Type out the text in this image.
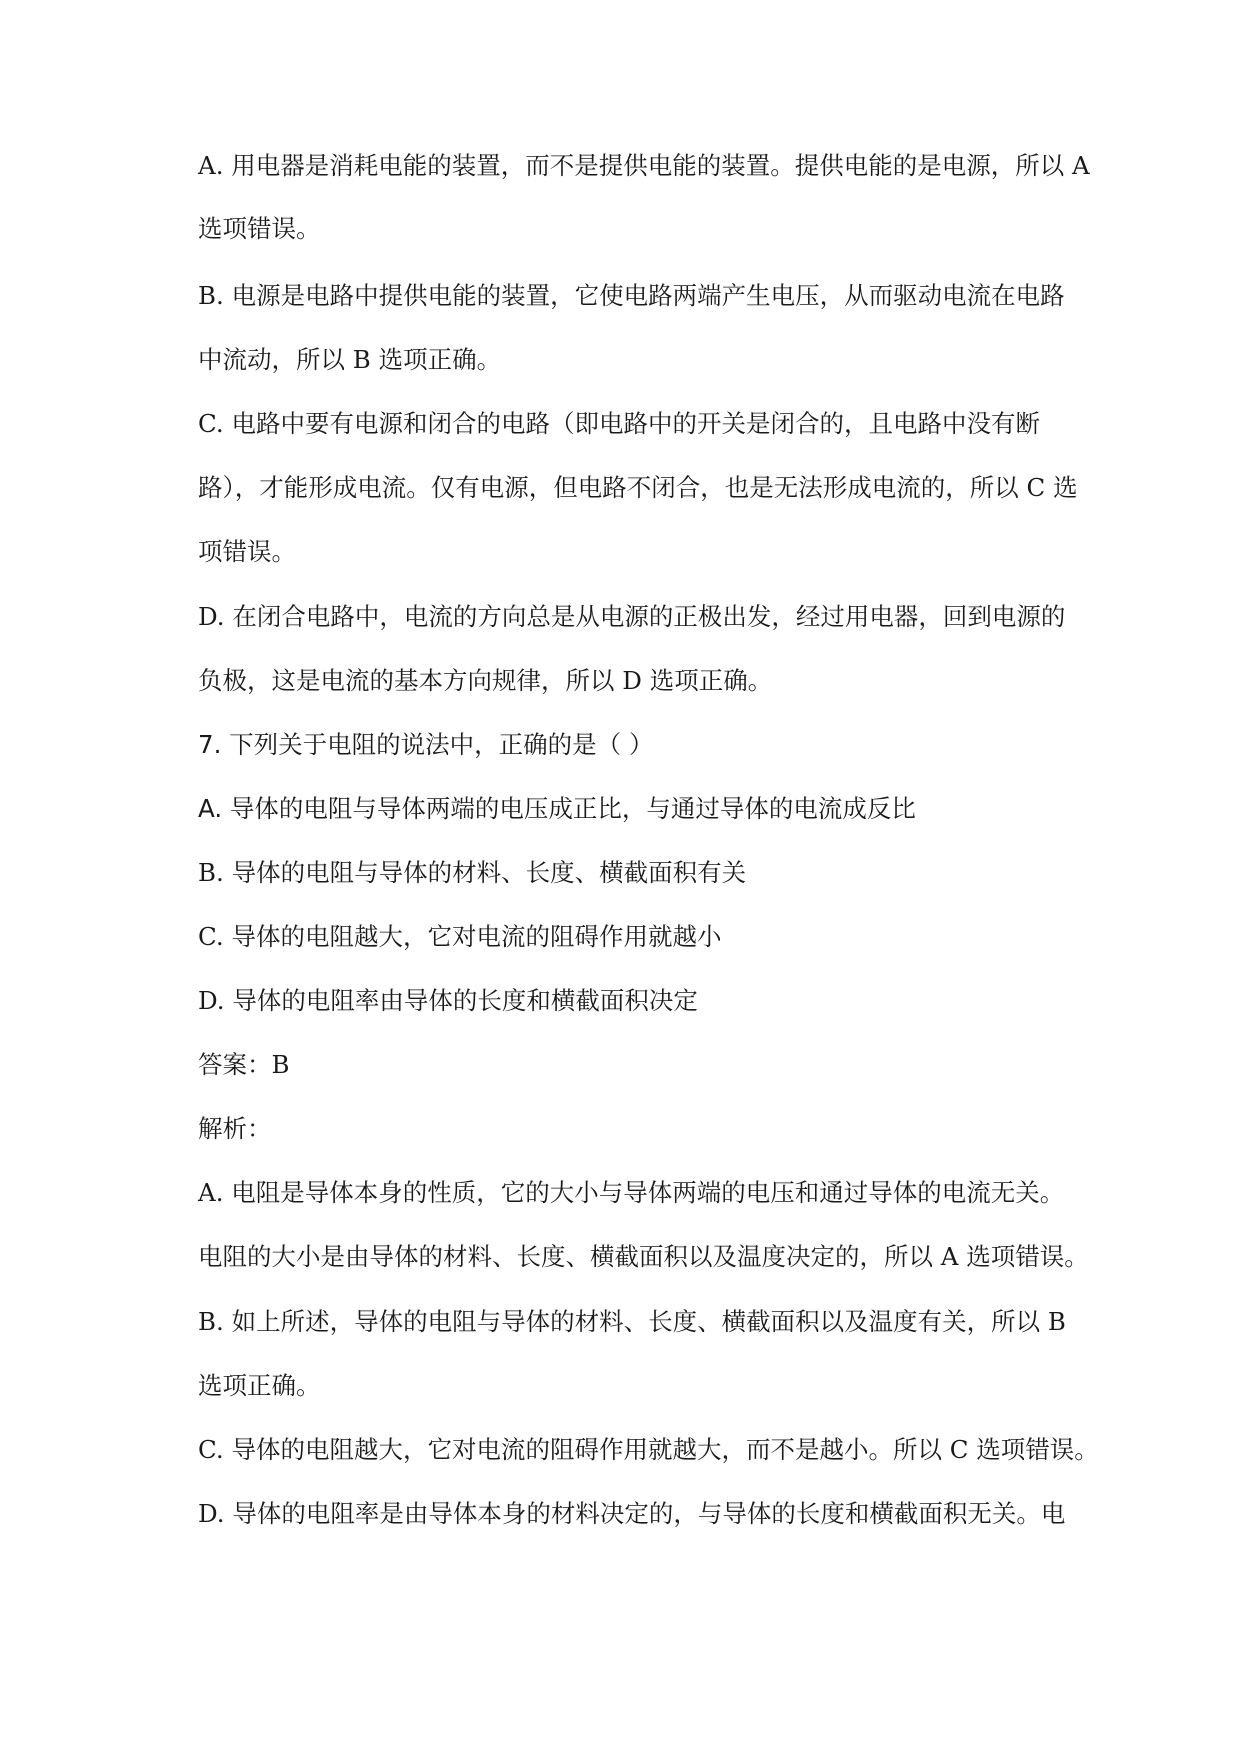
A. 用电器是消耗电能的装置，而不是提供电能的装置。提供电能的是电源，所以 A

选项错误。

B. 电源是电路中提供电能的装置，它使电路两端产生电压，从而驱动电流在电路

中流动，所以 B 选项正确。

C. 电路中要有电源和闭合的电路（即电路中的开关是闭合的，且电路中没有断

路），才能形成电流。仅有电源，但电路不闭合，也是无法形成电流的，所以 C 选

项错误。

D. 在闭合电路中，电流的方向总是从电源的正极出发，经过用电器，回到电源的

负极，这是电流的基本方向规律，所以 D 选项正确。

7. 下列关于电阻的说法中，正确的是（ ）

A. 导体的电阻与导体两端的电压成正比，与通过导体的电流成反比

B. 导体的电阻与导体的材料、长度、横截面积有关

C. 导体的电阻越大，它对电流的阻碍作用就越小

D. 导体的电阻率由导体的长度和横截面积决定

答案：B

解析：

A. 电阻是导体本身的性质，它的大小与导体两端的电压和通过导体的电流无关。

电阻的大小是由导体的材料、长度、横截面积以及温度决定的，所以 A 选项错误。

B. 如上所述，导体的电阻与导体的材料、长度、横截面积以及温度有关，所以 B

选项正确。

C. 导体的电阻越大，它对电流的阻碍作用就越大，而不是越小。所以 C 选项错误。

D. 导体的电阻率是由导体本身的材料决定的，与导体的长度和横截面积无关。电
